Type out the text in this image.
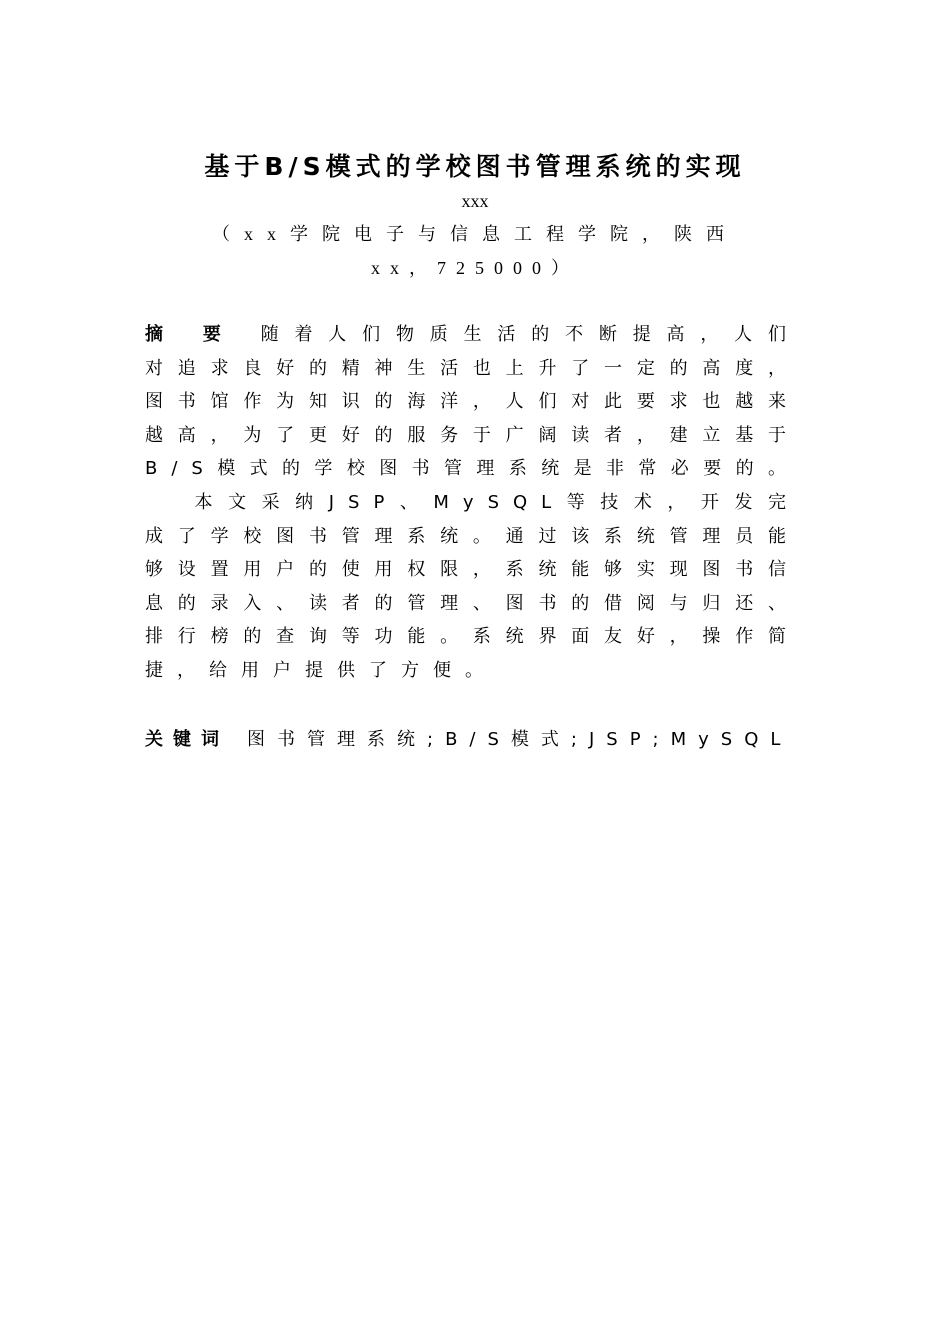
基于B/S模式的学校图书管理系统的实现
xxx
（xx学院电子与信息工程学院，陕西
xx，725000）

摘要随着人们物质生活的不断提高，人们对追求良好的精神生活也上升了一定的高度，图书馆作为知识的海洋，人们对此要求也越来越高，为了更好的服务于广阔读者，建立基于B/S模式的学校图书管理系统是非常必要的。

本文采纳JSP、MySQL等技术，开发完成了学校图书管理系统。通过该系统管理员能够设置用户的使用权限，系统能够实现图书信息的录入、读者的管理、图书的借阅与归还、排行榜的查询等功能。系统界面友好，操作简捷，给用户提供了方便。

关键词 图书管理系统;B/S模式;JSP;MySQL
